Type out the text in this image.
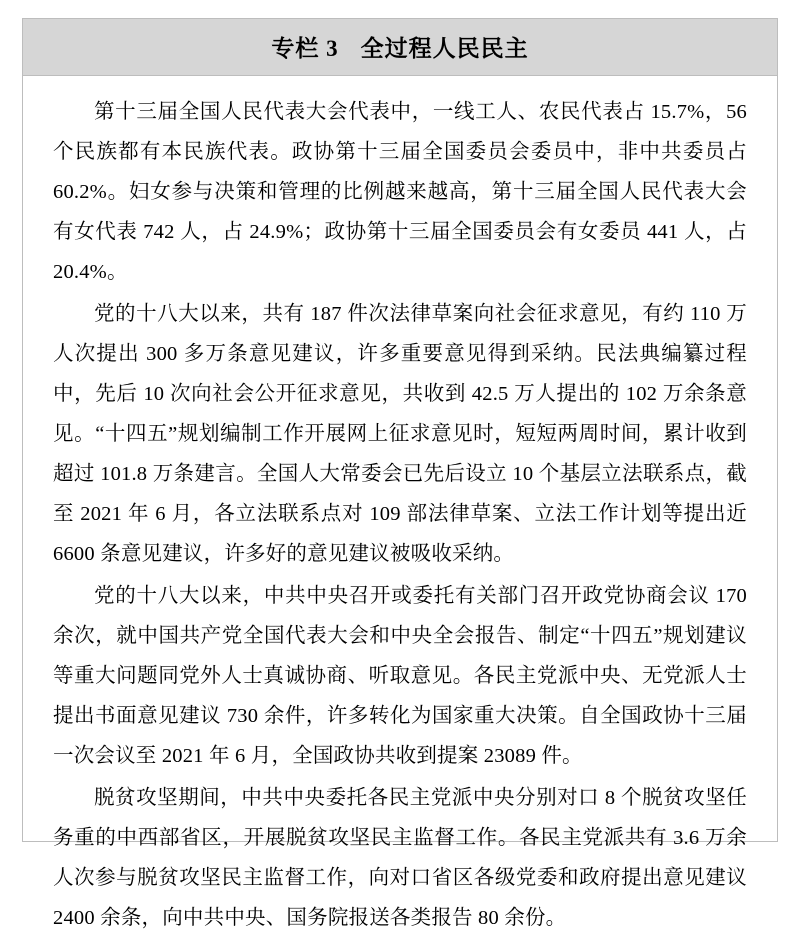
专栏 3 全过程人民民主

第十三届全国人民代表大会代表中，一线工人、农民代表占 15.7%，56 个民族都有本民族代表。政协第十三届全国委员会委员中，非中共委员占 60.2%。妇女参与决策和管理的比例越来越高，第十三届全国人民代表大会有女代表 742 人，占 24.9%；政协第十三届全国委员会有女委员 441 人，占 20.4%。

党的十八大以来，共有 187 件次法律草案向社会征求意见，有约 110 万人次提出 300 多万条意见建议，许多重要意见得到采纳。民法典编纂过程中，先后 10 次向社会公开征求意见，共收到 42.5 万人提出的 102 万余条意见。“十四五”规划编制工作开展网上征求意见时，短短两周时间，累计收到超过 101.8 万条建言。全国人大常委会已先后设立 10 个基层立法联系点，截至 2021 年 6 月，各立法联系点对 109 部法律草案、立法工作计划等提出近 6600 条意见建议，许多好的意见建议被吸收采纳。

党的十八大以来，中共中央召开或委托有关部门召开政党协商会议 170 余次，就中国共产党全国代表大会和中央全会报告、制定“十四五”规划建议等重大问题同党外人士真诚协商、听取意见。各民主党派中央、无党派人士提出书面意见建议 730 余件，许多转化为国家重大决策。自全国政协十三届一次会议至 2021 年 6 月，全国政协共收到提案 23089 件。

脱贫攻坚期间，中共中央委托各民主党派中央分别对口 8 个脱贫攻坚任务重的中西部省区，开展脱贫攻坚民主监督工作。各民主党派共有 3.6 万余人次参与脱贫攻坚民主监督工作，向对口省区各级党委和政府提出意见建议 2400 余条，向中共中央、国务院报送各类报告 80 余份。
